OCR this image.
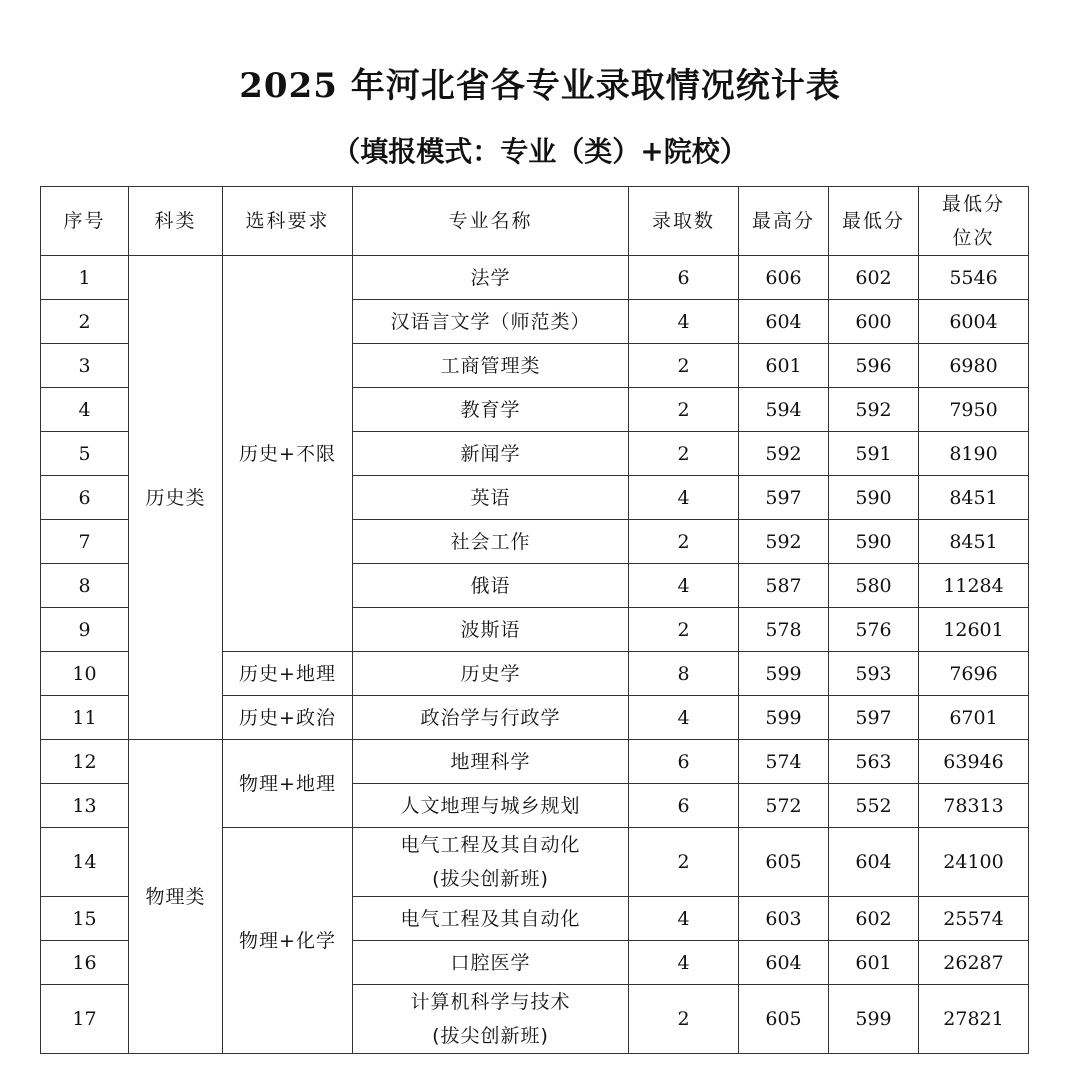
2025 年河北省各专业录取情况统计表
（填报模式：专业（类）+院校）
序号	科类	选科要求	专业名称	录取数	最高分	最低分	最低分
位次

1	历史类	历史+不限	法学	6	606	602	5546
2			汉语言文学（师范类）	4	604	600	6004
3			工商管理类	2	601	596	6980
4			教育学	2	594	592	7950
5			新闻学	2	592	591	8190
6			英语	4	597	590	8451
7			社会工作	2	592	590	8451
8			俄语	4	587	580	11284
9			波斯语	2	578	576	12601
10		历史+地理	历史学	8	599	593	7696
11		历史+政治	政治学与行政学	4	599	597	6701
12	物理类	物理+地理	地理科学	6	574	563	63946
13			人文地理与城乡规划	6	572	552	78313
14		物理+化学	电气工程及其自动化
(拔尖创新班)	2	605	604	24100
15			电气工程及其自动化	4	603	602	25574
16			口腔医学	4	604	601	26287
17			计算机科学与技术
(拔尖创新班)	2	605	599	27821
